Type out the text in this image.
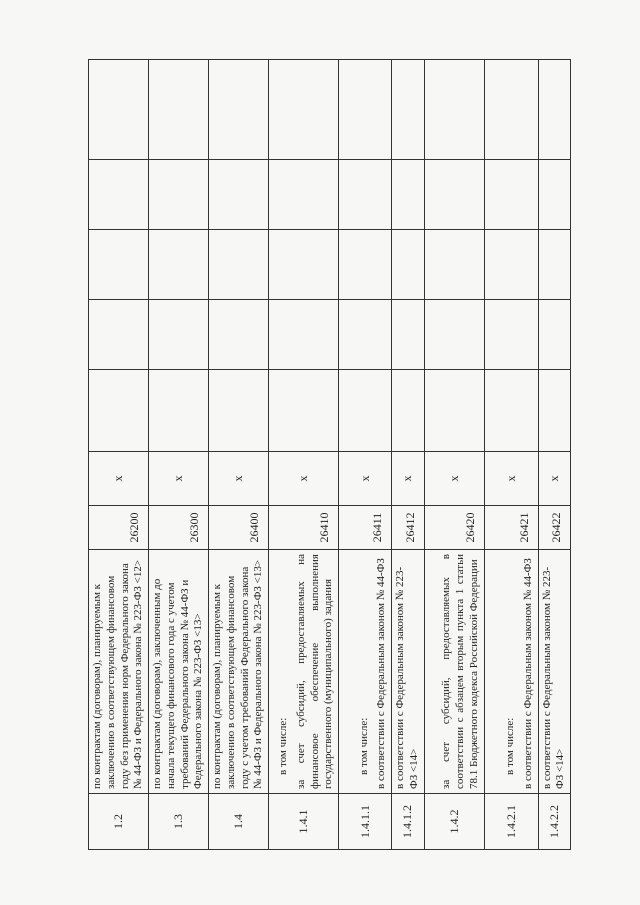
1.2	по контрактам (договорам), планируемым к заключению в соответствующем финансовом году без применения норм Федерального закона № 44-ФЗ и Федерального закона № 223-ФЗ <12>	26200	x					
1.3	по контрактам (договорам), заключенным до начала текущего финансового года с учетом требований Федерального закона № 44-ФЗ и Федерального закона № 223-ФЗ <13>	26300	x					
1.4	по контрактам (договорам), планируемым к заключению в соответствующем финансовом году с учетом требований Федерального закона № 44-ФЗ и Федерального закона № 223-ФЗ <13>	26400	x					
1.4.1	в том числе: за счет субсидий, предоставляемых на финансовое обеспечение выполнения государственного (муниципального) задания	26410	x					
1.4.1.1	в том числе: в соответствии с Федеральным законом № 44-ФЗ	26411	x					
1.4.1.2	в соответствии с Федеральным законом № 223-ФЗ <14>	26412	x					
1.4.2	за счет субсидий, предоставляемых в соответствии с абзацем вторым пункта 1 статьи 78.1 Бюджетного кодекса Российской Федерации	26420	x					
1.4.2.1	в том числе: в соответствии с Федеральным законом № 44-ФЗ	26421	x					
1.4.2.2	в соответствии с Федеральным законом № 223-ФЗ <14>	26422	x					
